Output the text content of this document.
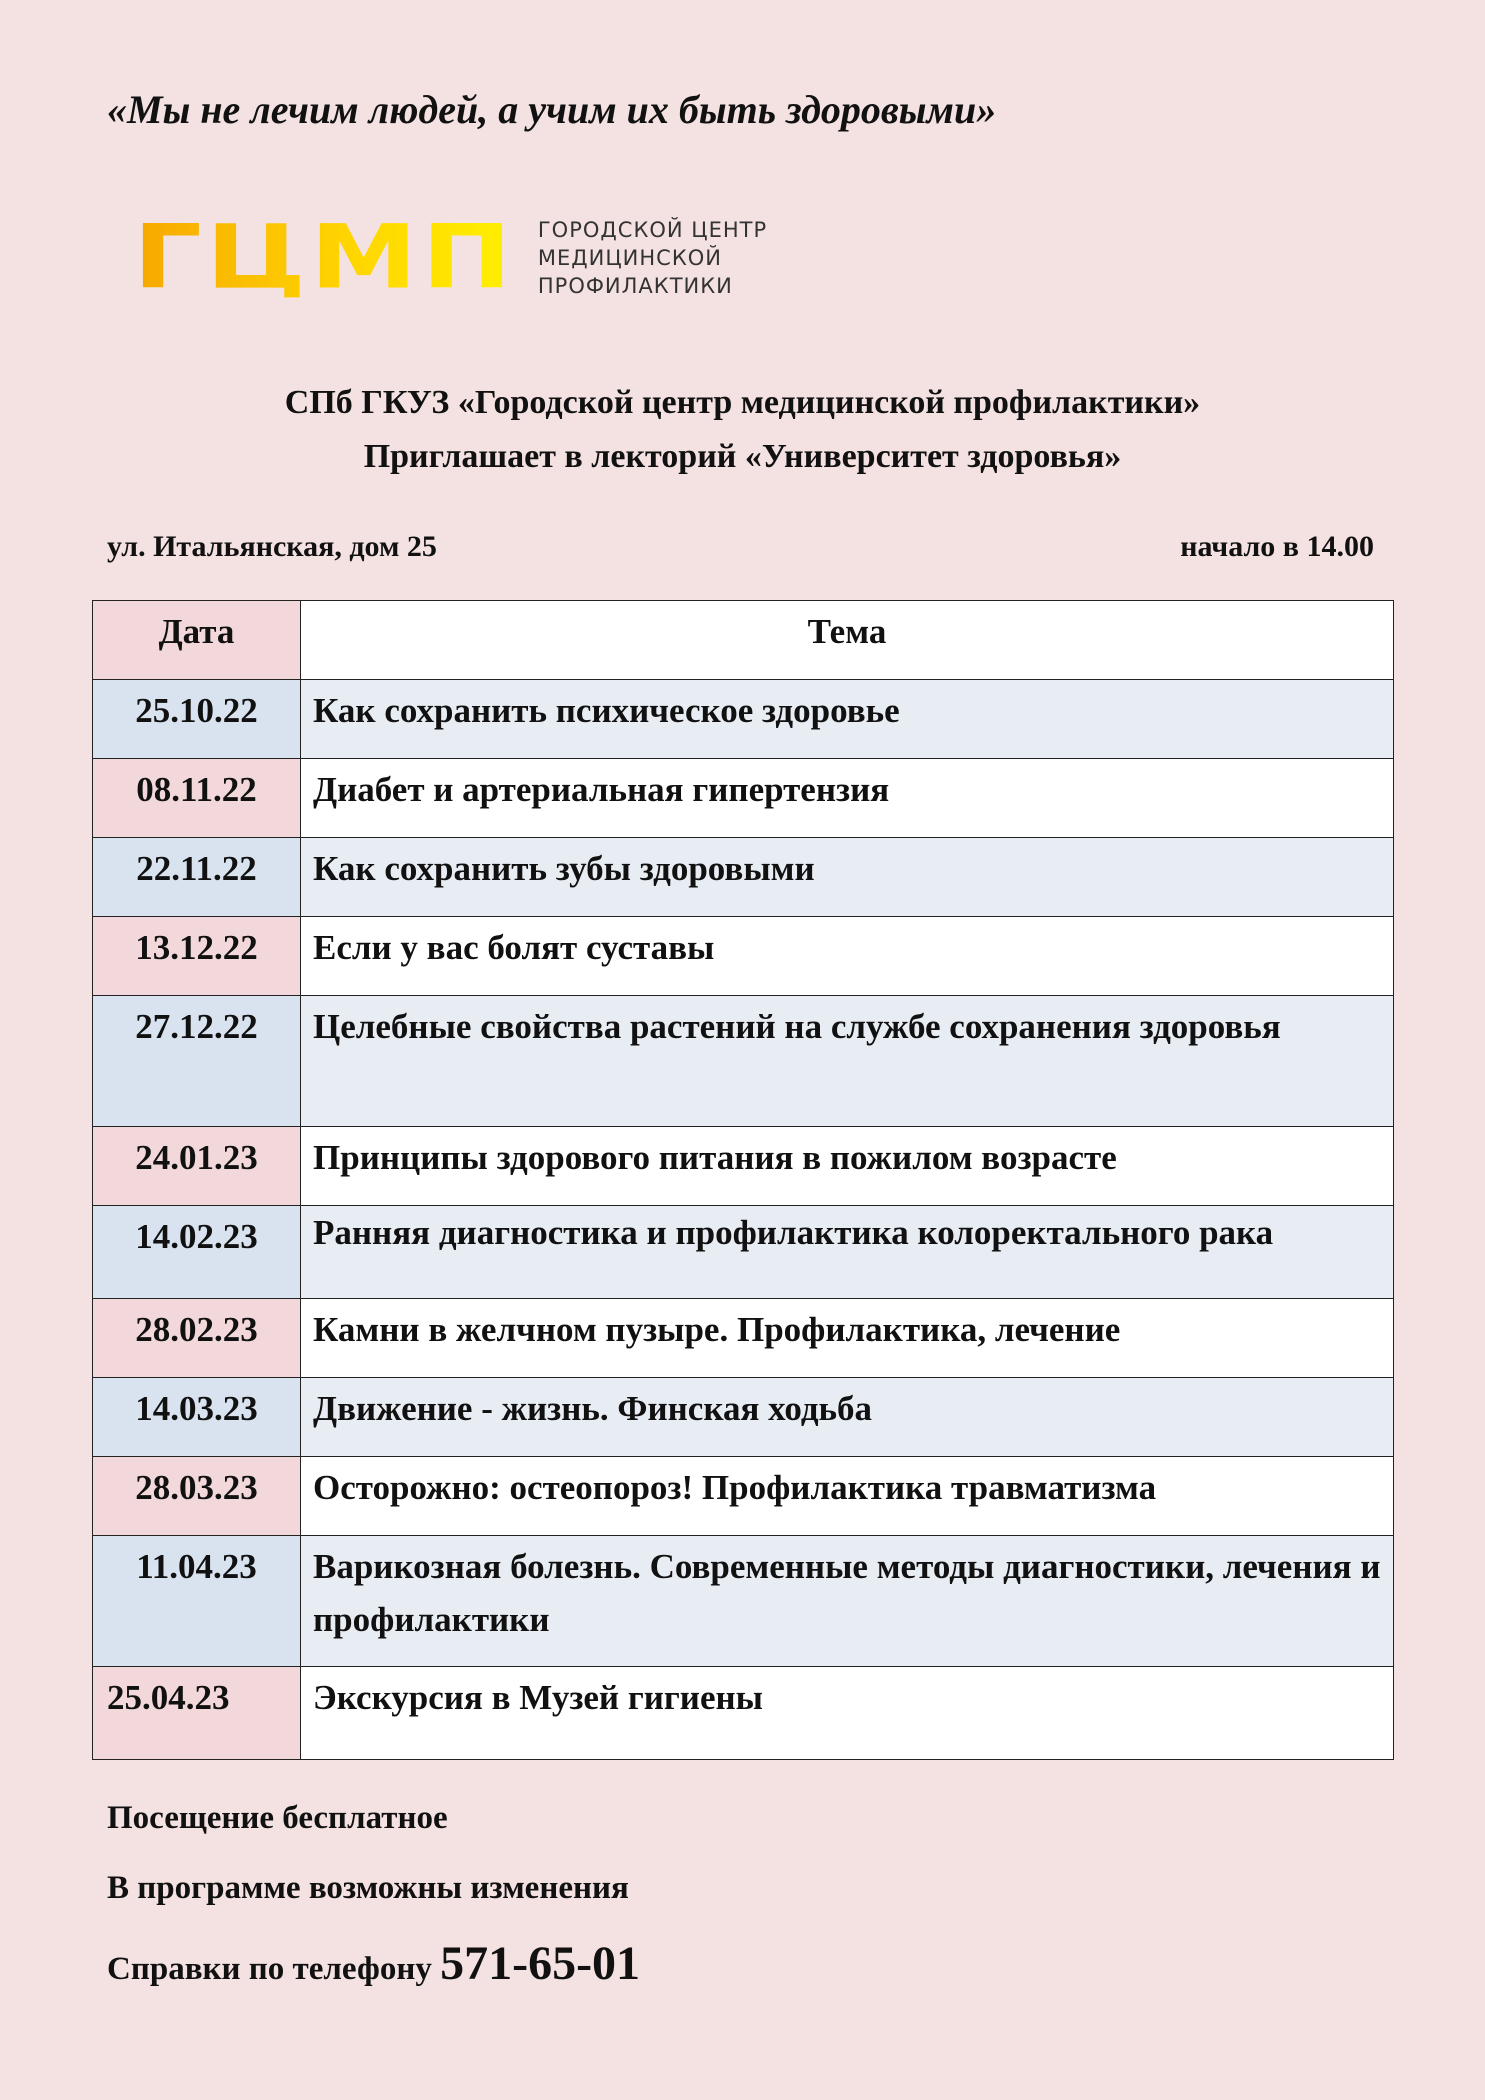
«Мы не лечим людей, а учим их быть здоровыми»
ГЦМП ГОРОДСКОЙ ЦЕНТР
МЕДИЦИНСКОЙ
ПРОФИЛАКТИКИ
СПб ГКУЗ «Городской центр медицинской профилактики»
Приглашает в лекторий «Университет здоровья»
ул. Итальянская, дом 25	начало в 14.00
Дата	Тема
25.10.22	Как сохранить психическое здоровье
08.11.22	Диабет и артериальная гипертензия
22.11.22	Как сохранить зубы здоровыми
13.12.22	Если у вас болят суставы
27.12.22	Целебные свойства растений на службе сохранения здоровья
24.01.23	Принципы здорового питания в пожилом возрасте
14.02.23	Ранняя диагностика и профилактика колоректального рака
28.02.23	Камни в желчном пузыре. Профилактика, лечение
14.03.23	Движение - жизнь. Финская ходьба
28.03.23	Осторожно: остеопороз! Профилактика травматизма
11.04.23	Варикозная болезнь. Современные методы диагностики, лечения и профилактики
25.04.23	Экскурсия в Музей гигиены
Посещение бесплатное
В программе возможны изменения
Справки по телефону 571-65-01
